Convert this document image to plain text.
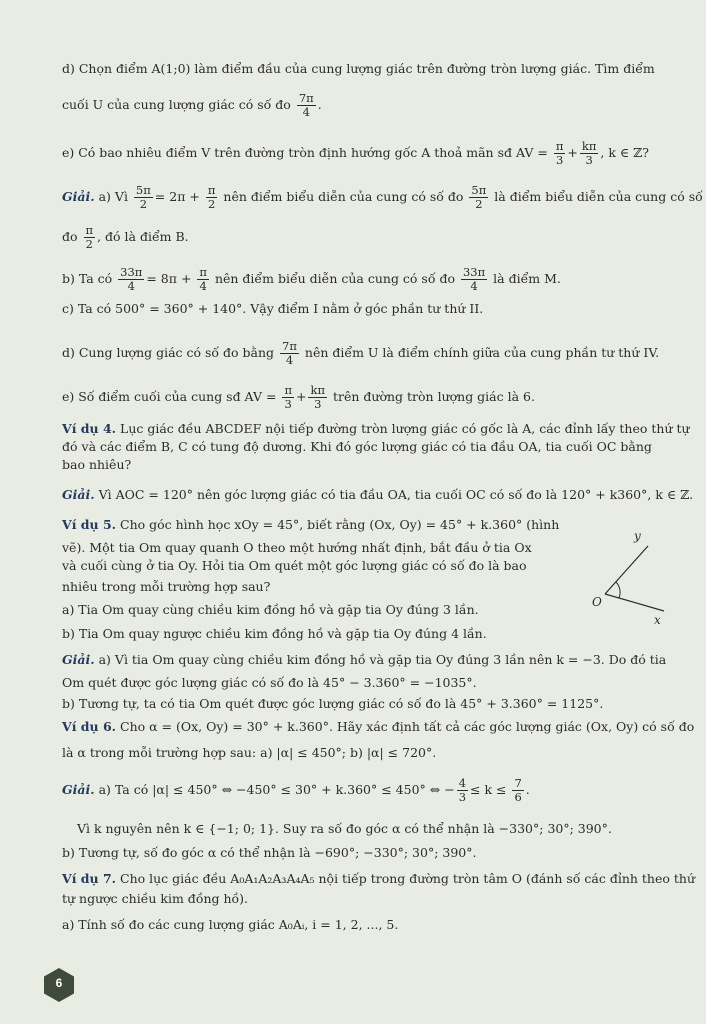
d) Chọn điểm A(1;0) làm điểm đầu của cung lượng giác trên đường tròn lượng giác. Tìm điểm
cuối U của cung lượng giác có số đo $\frac{7\pi}{4}$ .
e) Có bao nhiêu điểm V trên đường tròn định hướng gốc A thoả mãn sđ AV = $\frac{\pi}{3} + \frac{k\pi}{3}$ , k ∈ ℤ?
Giải. a) Vì $\frac{5\pi}{2} = 2\pi + \frac{\pi}{2}$ nên điểm biểu diễn của cung có số đo $\frac{5\pi}{2}$ là điểm biểu diễn của cung có số
đo $\frac{\pi}{2}$ , đó là điểm B.
b) Ta có $\frac{33\pi}{4} = 8\pi + \frac{\pi}{4}$ nên điểm biểu diễn của cung có số đo $\frac{33\pi}{4}$ là điểm M.
c) Ta có 500° = 360° + 140°. Vậy điểm I nằm ở góc phần tư thứ II.
d) Cung lượng giác có số đo bằng $\frac{7\pi}{4}$ nên điểm U là điểm chính giữa của cung phần tư thứ IV.
e) Số điểm cuối của cung sđ AV = $\frac{\pi}{3} + \frac{k\pi}{3}$ trên đường tròn lượng giác là 6.
Ví dụ 4. Lục giác đều ABCDEF nội tiếp đường tròn lượng giác có gốc là A, các đỉnh lấy theo thứ tự
đó và các điểm B, C có tung độ dương. Khi đó góc lượng giác có tia đầu OA, tia cuối OC bằng
bao nhiêu?
Giải. Vì AOC = 120° nên góc lượng giác có tia đầu OA, tia cuối OC có số đo là 120° + k360°, k ∈ ℤ.
Ví dụ 5. Cho góc hình học xOy = 45°, biết rằng (Ox, Oy) = 45° + k.360° (hình
vẽ). Một tia Om quay quanh O theo một hướng nhất định, bắt đầu ở tia Ox
và cuối cùng ở tia Oy. Hỏi tia Om quét một góc lượng giác có số đo là bao
nhiêu trong mỗi trường hợp sau?
a) Tia Om quay cùng chiều kim đồng hồ và gặp tia Oy đúng 3 lần.
b) Tia Om quay ngược chiều kim đồng hồ và gặp tia Oy đúng 4 lần.
y
O
x
Giải. a) Vì tia Om quay cùng chiều kim đồng hồ và gặp tia Oy đúng 3 lần nên k = −3. Do đó tia
Om quét được góc lượng giác có số đo là 45° − 3.360° = −1035°.
b) Tương tự, ta có tia Om quét được góc lượng giác có số đo là 45° + 3.360° = 1125°.
Ví dụ 6. Cho α = (Ox, Oy) = 30° + k.360°. Hãy xác định tất cả các góc lượng giác (Ox, Oy) có số đo
là α trong mỗi trường hợp sau: a) |α| ≤ 450°; b) |α| ≤ 720°.
Giải. a) Ta có |α| ≤ 450° ⇔ −450° ≤ 30° + k.360° ≤ 450° ⇔ − $\frac{4}{3} \le k \le \frac{7}{6}$ .
Vì k nguyên nên k ∈ {−1; 0; 1}. Suy ra số đo góc α có thể nhận là −330°; 30°; 390°.
b) Tương tự, số đo góc α có thể nhận là −690°; −330°; 30°; 390°.
Ví dụ 7. Cho lục giác đều A₀A₁A₂A₃A₄A₅ nội tiếp trong đường tròn tâm O (đánh số các đỉnh theo thứ
tự ngược chiều kim đồng hồ).
a) Tính số đo các cung lượng giác A₀Aᵢ, i = 1, 2, ..., 5.
6
